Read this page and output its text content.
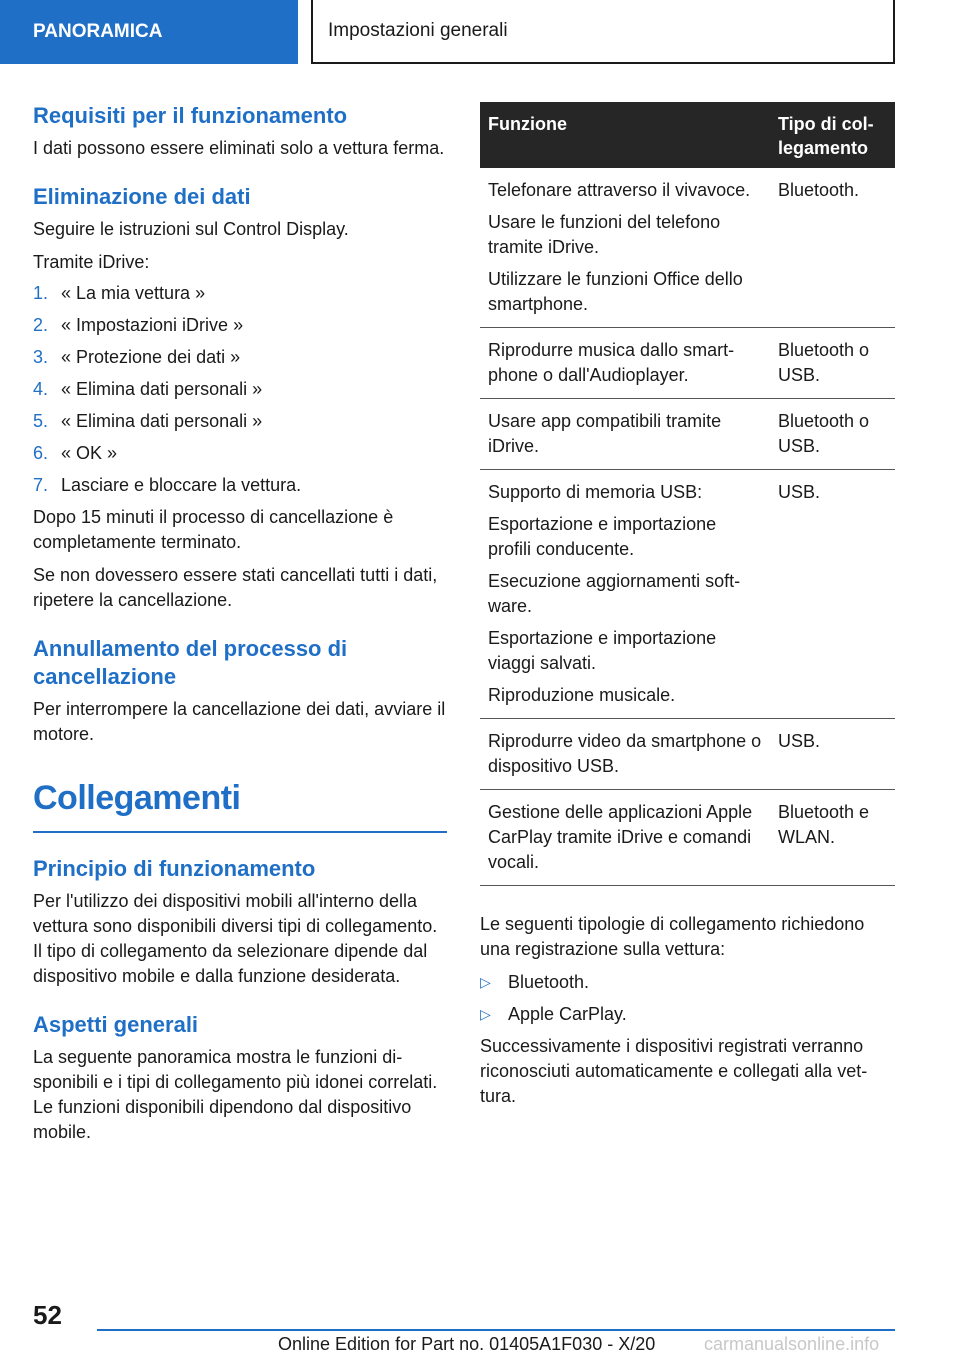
PANORAMICA	Impostazioni generali
Requisiti per il funzionamento
I dati possono essere eliminati solo a vettura ferma.
Eliminazione dei dati
Seguire le istruzioni sul Control Display.
Tramite iDrive:
1. « La mia vettura »
2. « Impostazioni iDrive »
3. « Protezione dei dati »
4. « Elimina dati personali »
5. « Elimina dati personali »
6. « OK »
7. Lasciare e bloccare la vettura.
Dopo 15 minuti il processo di cancellazione è completamente terminato.
Se non dovessero essere stati cancellati tutti i dati, ripetere la cancellazione.
Annullamento del processo di cancellazione
Per interrompere la cancellazione dei dati, avviare il motore.
Collegamenti
Principio di funzionamento
Per l'utilizzo dei dispositivi mobili all'interno della vettura sono disponibili diversi tipi di collegamento. Il tipo di collegamento da selezionare dipende dal dispositivo mobile e dalla funzione desiderata.
Aspetti generali
La seguente panoramica mostra le funzioni disponibili e i tipi di collegamento più idonei correlati. Le funzioni disponibili dipendono dal dispositivo mobile.
Funzione	Tipo di collegamento

Telefonare attraverso il vivavoce.
Usare le funzioni del telefono tramite iDrive.
Utilizzare le funzioni Office dello smartphone.	Bluetooth.

Riprodurre musica dallo smartphone o dall'Audioplayer.	Bluetooth o USB.

Usare app compatibili tramite iDrive.	Bluetooth o USB.

Supporto di memoria USB:
Esportazione e importazione profili conducente.
Esecuzione aggiornamenti software.
Esportazione e importazione viaggi salvati.
Riproduzione musicale.	USB.

Riprodurre video da smartphone o dispositivo USB.	USB.

Gestione delle applicazioni Apple CarPlay tramite iDrive e comandi vocali.	Bluetooth e WLAN.
Le seguenti tipologie di collegamento richiedono una registrazione sulla vettura:
▷ Bluetooth.
▷ Apple CarPlay.
Successivamente i dispositivi registrati verranno riconosciuti automaticamente e collegati alla vettura.
52
Online Edition for Part no. 01405A1F030 - X/20	carmanualsonline.info
